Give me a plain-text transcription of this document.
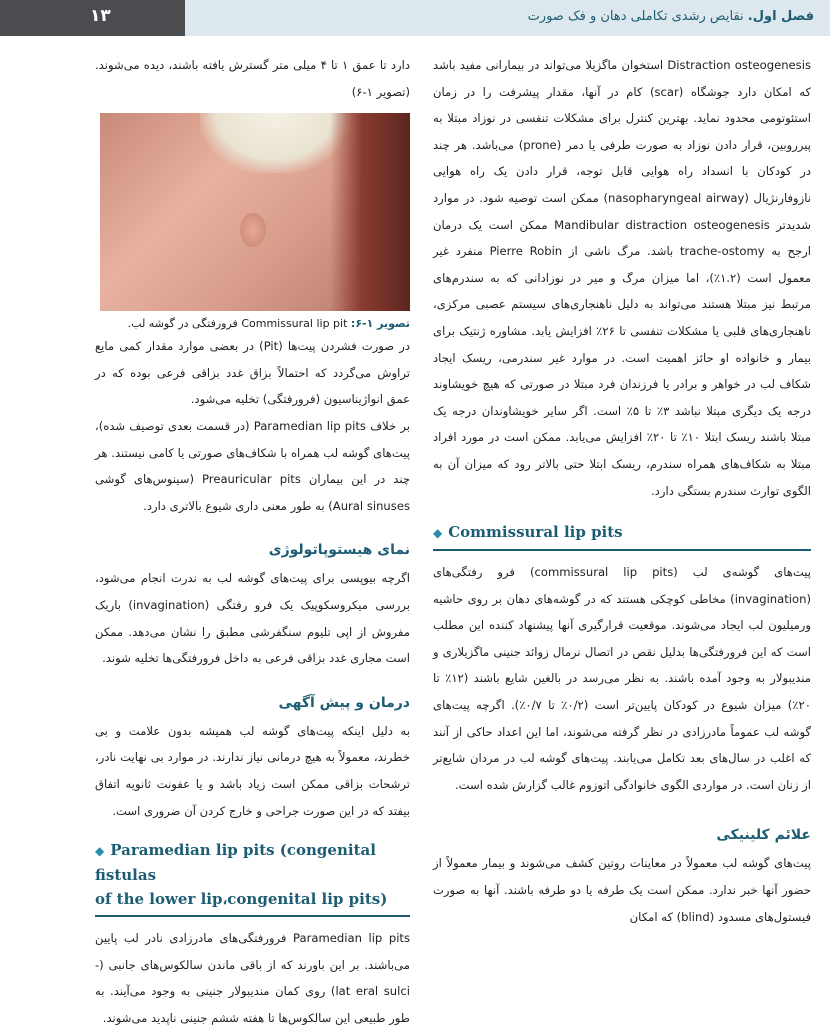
۱۳	فصل اول. نقایص رشدی تکاملی دهان و فک صورت

Distraction osteogenesis استخوان ماگزیلا می‌تواند در بیمارانی مفید باشد که امکان دارد جوشگاه (scar) کام در آنها، مقدار پیشرفت را در زمان استئوتومی محدود نماید. بهترین کنترل برای مشکلات تنفسی در نوزاد مبتلا به پیرروبین، قرار دادن نوزاد به صورت طرفی یا دمر (prone) می‌باشد. هر چند در کودکان با انسداد راه هوایی قابل توجه، قرار دادن یک راه هوایی نازوفارنژیال (nasopharyngeal airway) ممکن است توصیه شود. در موارد شدیدتر Mandibular distraction osteogenesis ممکن است یک درمان ارجح به trache-ostomy باشد. مرگ ناشی از Pierre Robin منفرد غیر معمول است (۱.۲٪)، اما میزان مرگ و میر در نوزادانی که به سندرم‌های مرتبط نیز مبتلا هستند می‌تواند به دلیل ناهنجاری‌های سیستم عصبی مرکزی، ناهنجاری‌های قلبی یا مشکلات تنفسی تا ۲۶٪ افزایش یابد. مشاوره ژنتیک برای بیمار و خانواده او حائز اهمیت است. در موارد غیر سندرمی، ریسک ایجاد شکاف لب در خواهر و برادر یا فرزندان فرد مبتلا در صورتی که هیچ خویشاوند درجه یک دیگری مبتلا نباشد ۳٪ تا ۵٪ است. اگر سایر خویشاوندان درجه یک مبتلا باشند ریسک ابتلا ۱۰٪ تا ۲۰٪ افزایش می‌یابد. ممکن است در مورد افراد مبتلا به شکاف‌های همراه سندرم، ریسک ابتلا حتی بالاتر رود که میزان آن به الگوی توارث سندرم بستگی دارد.

◆ Commissural lip pits

پیت‌های گوشه‌ی لب (commissural lip pits) فرو رفتگی‌های (invagination) مخاطی کوچکی هستند که در گوشه‌های دهان بر روی حاشیه ورمیلیون لب ایجاد می‌شوند. موقعیت قرارگیری آنها پیشنهاد کننده این مطلب است که این فرورفتگی‌ها بدلیل نقص در اتصال نرمال زوائد جنینی ماگزیلاری و مندیبولار به وجود آمده باشند. به نظر می‌رسد در بالغین شایع باشند (۱۲٪ تا ۲۰٪) میزان شیوع در کودکان پایین‌تر است (۰/۲٪ تا ۰/۷٪). اگرچه پیت‌های گوشه لب عموماً مادرزادی در نظر گرفته می‌شوند، اما این اعداد حاکی از آنند که اغلب در سال‌های بعد تکامل می‌یابند. پیت‌های گوشه لب در مردان شایع‌تر از زنان است. در مواردی الگوی خانوادگی اتوزوم غالب گزارش شده است.

علائم کلینیکی

پیت‌های گوشه لب معمولاً در معاینات روتین کشف می‌شوند و بیمار معمولاً از حضور آنها خبر ندارد. ممکن است یک طرفه یا دو طرفه باشند. آنها به صورت فیستول‌های مسدود (blind) که امکان

دارد تا عمق ۱ تا ۴ میلی متر گسترش یافته باشند، دیده می‌شوند. (تصویر ۱-۶)

تصویر ۱-۶: Commissural lip pit فرورفتگی در گوشه لب.

در صورت فشردن پیت‌ها (Pit) در بعضی موارد مقدار کمی مایع تراوش می‌گردد که احتمالاً بزاق غدد بزاقی فرعی بوده که در عمق انواژیناسیون (فرورفتگی) تخلیه می‌شود.

بر خلاف Paramedian lip pits (در قسمت بعدی توصیف شده)، پیت‌های گوشه لب همراه با شکاف‌های صورتی یا کامی نیستند. هر چند در این بیماران Preauricular pits (سینوس‌های گوشی Aural sinuses) به طور معنی داری شیوع بالاتری دارد.

نمای هیستوپاتولوژی

اگرچه بیوپسی برای پیت‌های گوشه لب به ندرت انجام می‌شود، بررسی میکروسکوپیک یک فرو رفتگی (invagination) باریک مفروش از اپی تلیوم سنگفرشی مطبق را نشان می‌دهد. ممکن است مجاری غدد بزاقی فرعی به داخل فرورفتگی‌ها تخلیه شوند.

درمان و پیش آگهی

به دلیل اینکه پیت‌های گوشه لب همیشه بدون علامت و بی خطرند، معمولاً به هیچ درمانی نیاز ندارند. در موارد بی نهایت نادر، ترشحات بزاقی ممکن است زیاد باشد و یا عفونت ثانویه اتفاق بیفتد که در این صورت جراحی و خارج کردن آن ضروری است.

◆ Paramedian lip pits (congenital fistulas
of the lower lip،congenital lip pits)

Paramedian lip pits فرورفتگی‌های مادرزادی نادر لب پایین می‌باشند. بر این باورند که از باقی ماندن سالکوس‌های جانبی (-lat eral sulci) روی کمان مندیبولار جنینی به وجود می‌آیند. به طور طبیعی این سالکوس‌ها تا هفته ششم جنینی ناپدید می‌شوند.
